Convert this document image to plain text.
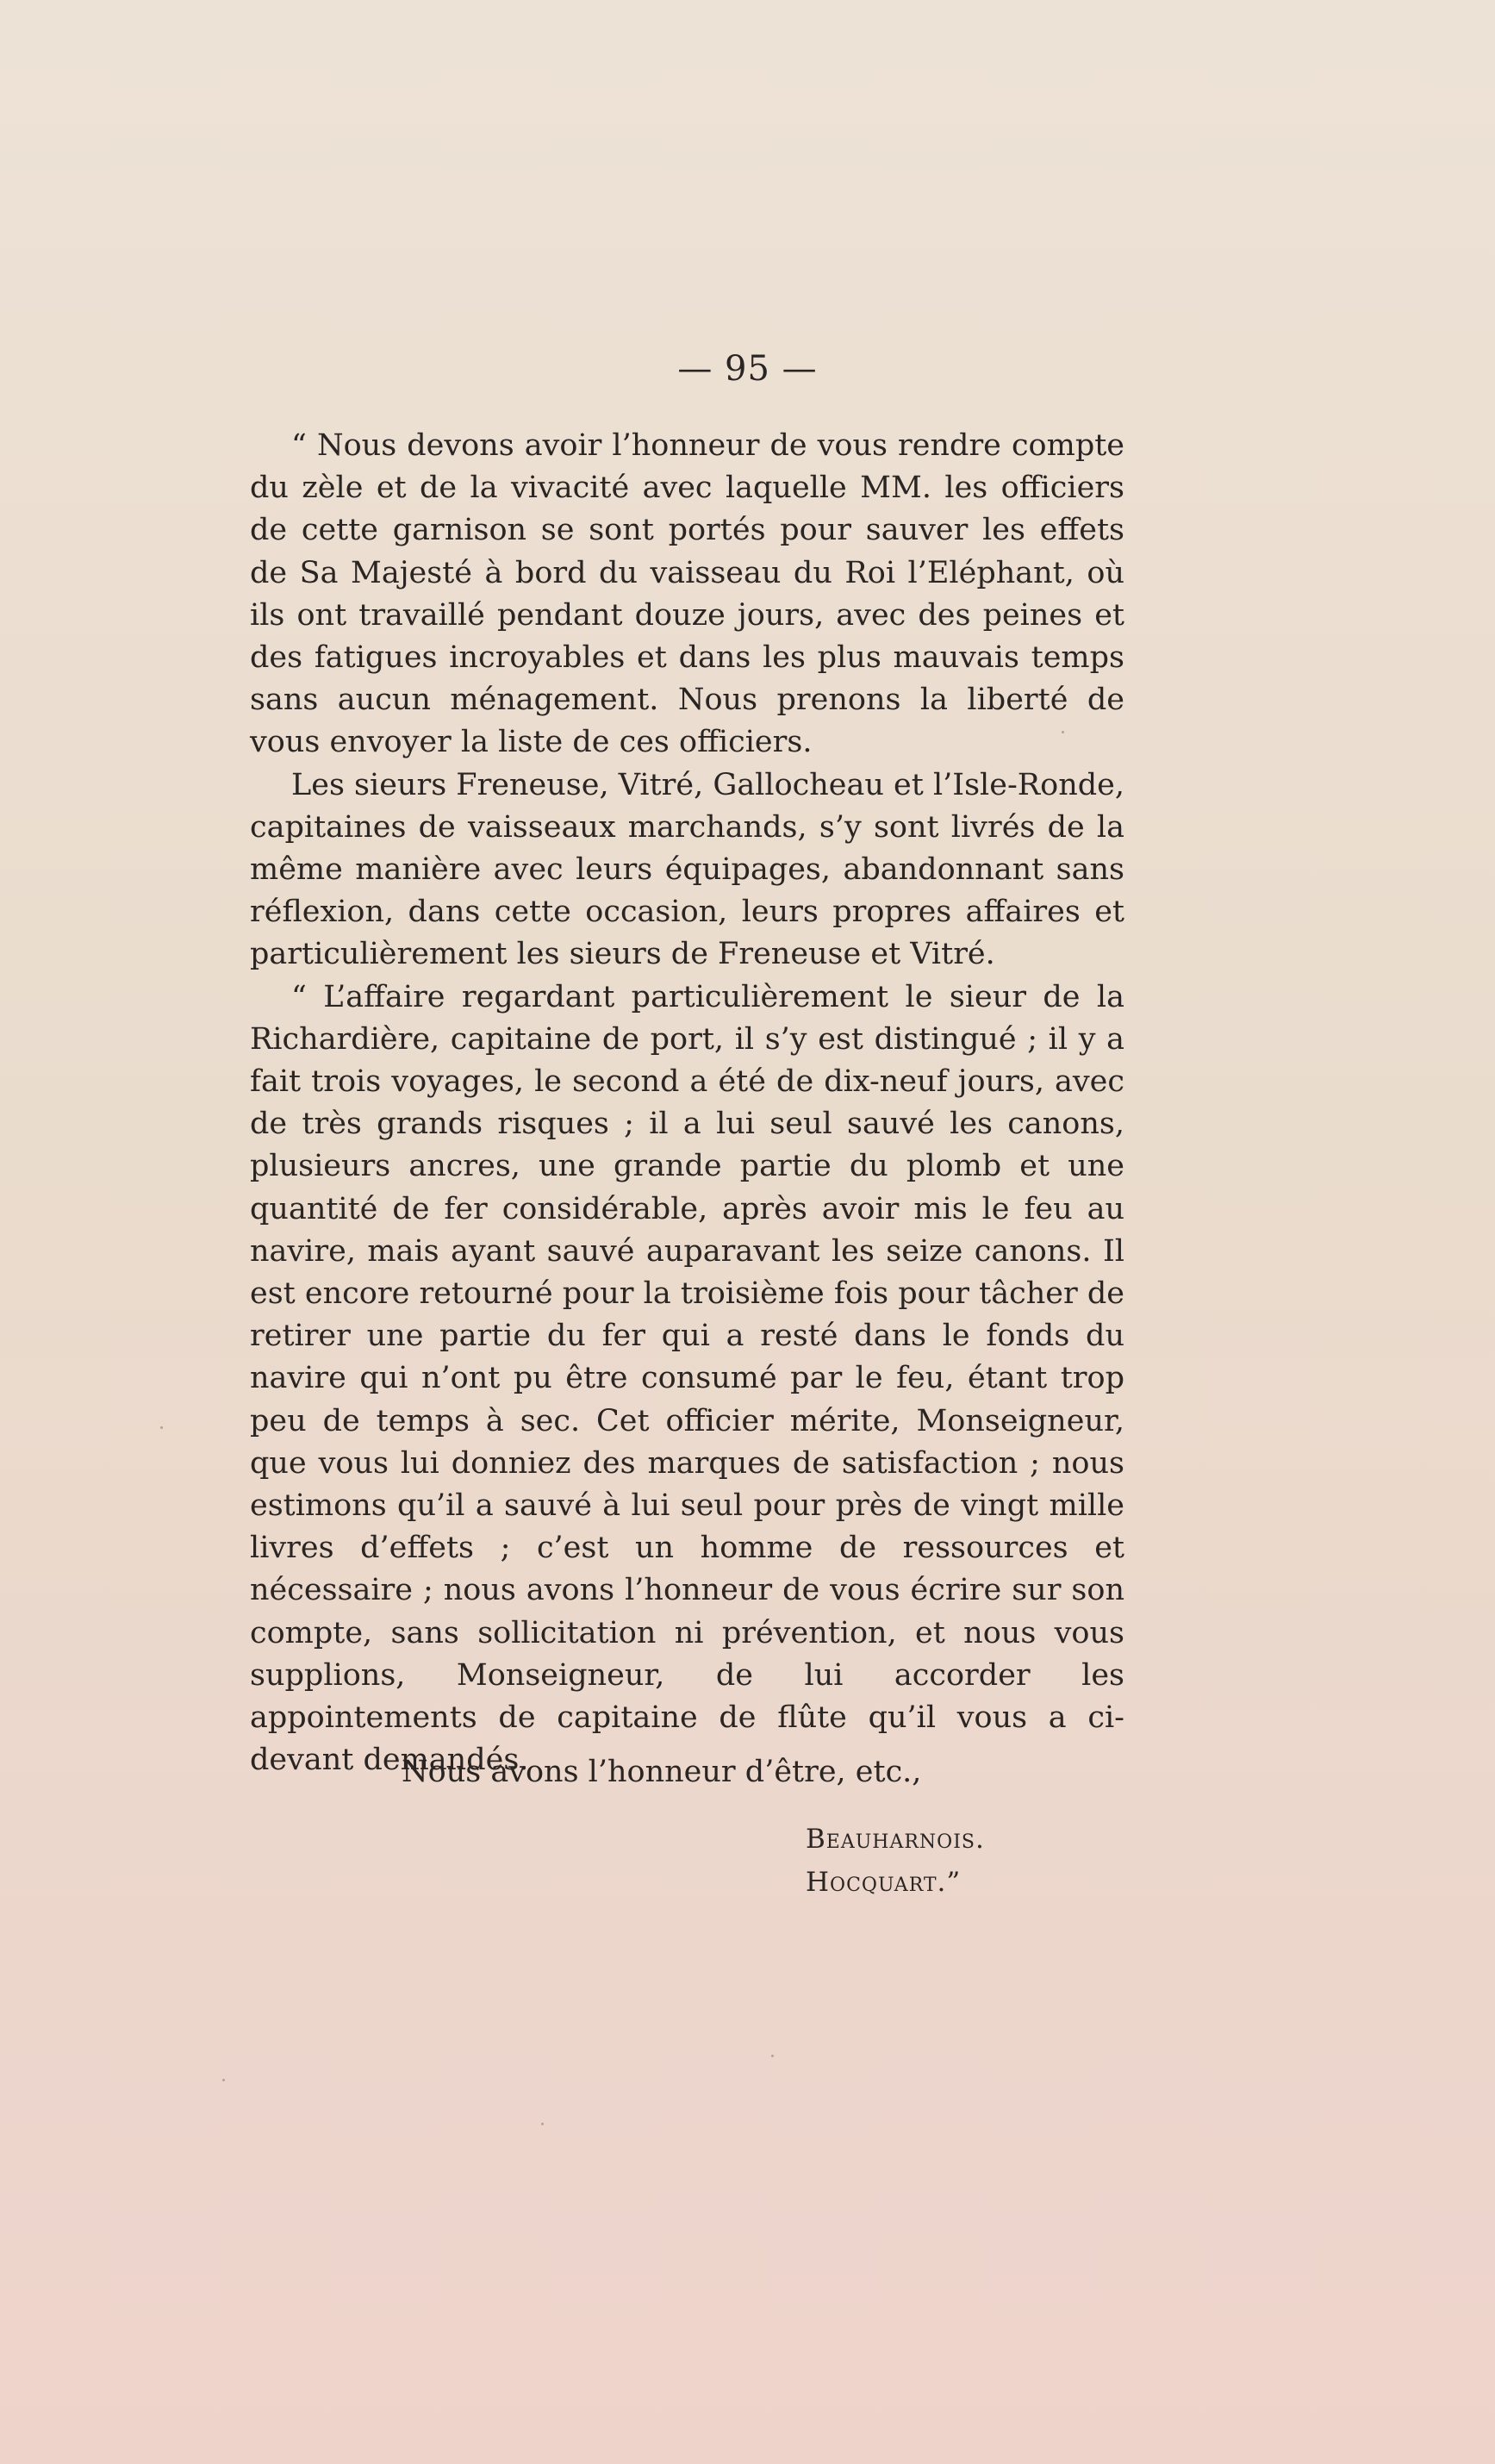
— 95 —

“ Nous devons avoir l’honneur de vous rendre compte du zèle et de la vivacité avec laquelle MM. les officiers de cette garnison se sont portés pour sauver les effets de Sa Majesté à bord du vaisseau du Roi l’Eléphant, où ils ont travaillé pendant douze jours, avec des peines et des fatigues incroyables et dans les plus mauvais temps sans aucun ménagement. Nous prenons la liberté de vous envoyer la liste de ces officiers.

Les sieurs Freneuse, Vitré, Gallocheau et l’Isle-Ronde, capitaines de vaisseaux marchands, s’y sont livrés de la même manière avec leurs équipages, abandonnant sans réflexion, dans cette occasion, leurs propres affaires et particulièrement les sieurs de Freneuse et Vitré.

“ L’affaire regardant particulièrement le sieur de la Richardière, capitaine de port, il s’y est distingué ; il y a fait trois voyages, le second a été de dix-neuf jours, avec de très grands risques ; il a lui seul sauvé les canons, plusieurs ancres, une grande partie du plomb et une quantité de fer considérable, après avoir mis le feu au navire, mais ayant sauvé auparavant les seize canons. Il est encore retourné pour la troisième fois pour tâcher de retirer une partie du fer qui a resté dans le fonds du navire qui n’ont pu être consumé par le feu, étant trop peu de temps à sec. Cet officier mérite, Monseigneur, que vous lui donniez des marques de satisfaction ; nous estimons qu’il a sauvé à lui seul pour près de vingt mille livres d’effets ; c’est un homme de ressources et nécessaire ; nous avons l’honneur de vous écrire sur son compte, sans sollicitation ni prévention, et nous vous supplions, Monseigneur, de lui accorder les appointements de capitaine de flûte qu’il vous a ci-devant demandés.

Nous avons l’honneur d’être, etc.,
Beauharnois.
Hocquart.”
